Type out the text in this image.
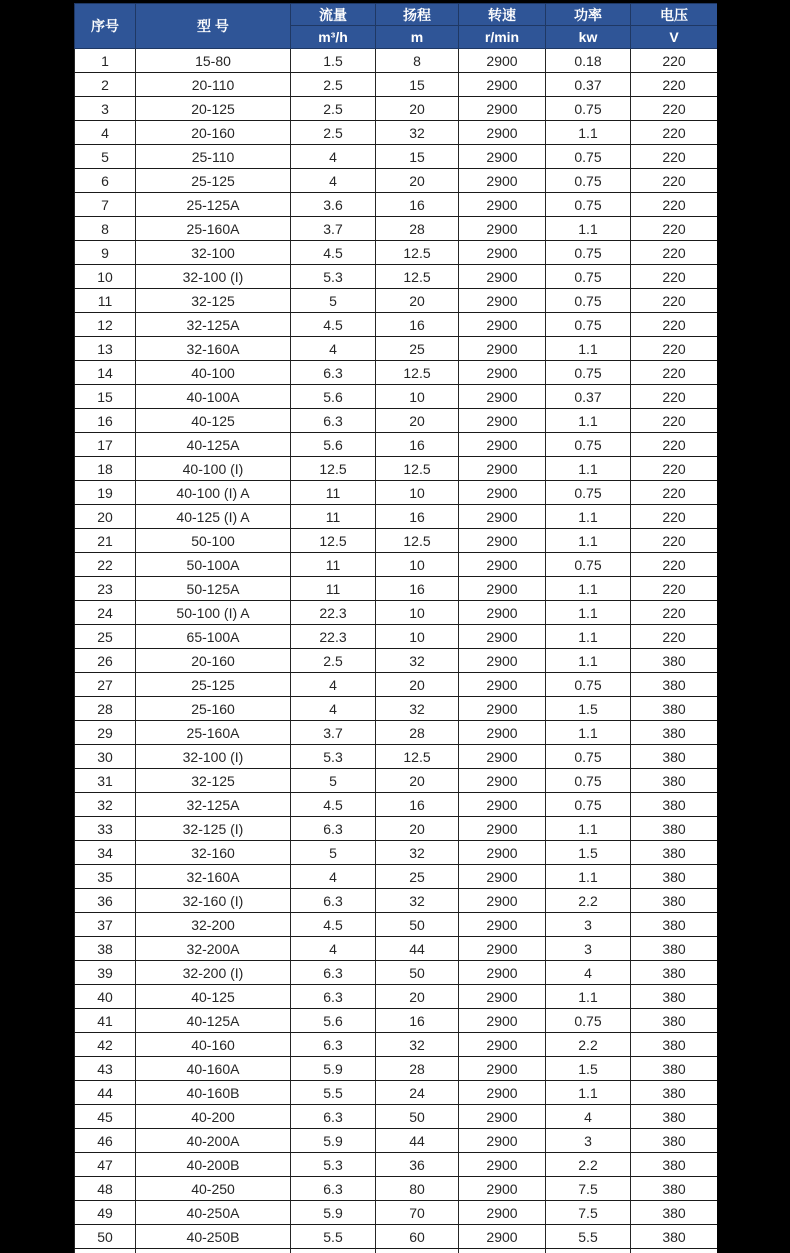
序号	型 号	流量	扬程	转速	功率	电压
		m³/h	m	r/min	kw	V
1	15-80	1.5	8	2900	0.18	220
2	20-110	2.5	15	2900	0.37	220
3	20-125	2.5	20	2900	0.75	220
4	20-160	2.5	32	2900	1.1	220
5	25-110	4	15	2900	0.75	220
6	25-125	4	20	2900	0.75	220
7	25-125A	3.6	16	2900	0.75	220
8	25-160A	3.7	28	2900	1.1	220
9	32-100	4.5	12.5	2900	0.75	220
10	32-100 (I)	5.3	12.5	2900	0.75	220
11	32-125	5	20	2900	0.75	220
12	32-125A	4.5	16	2900	0.75	220
13	32-160A	4	25	2900	1.1	220
14	40-100	6.3	12.5	2900	0.75	220
15	40-100A	5.6	10	2900	0.37	220
16	40-125	6.3	20	2900	1.1	220
17	40-125A	5.6	16	2900	0.75	220
18	40-100 (I)	12.5	12.5	2900	1.1	220
19	40-100 (I) A	11	10	2900	0.75	220
20	40-125 (I) A	11	16	2900	1.1	220
21	50-100	12.5	12.5	2900	1.1	220
22	50-100A	11	10	2900	0.75	220
23	50-125A	11	16	2900	1.1	220
24	50-100 (I) A	22.3	10	2900	1.1	220
25	65-100A	22.3	10	2900	1.1	220
26	20-160	2.5	32	2900	1.1	380
27	25-125	4	20	2900	0.75	380
28	25-160	4	32	2900	1.5	380
29	25-160A	3.7	28	2900	1.1	380
30	32-100 (I)	5.3	12.5	2900	0.75	380
31	32-125	5	20	2900	0.75	380
32	32-125A	4.5	16	2900	0.75	380
33	32-125 (I)	6.3	20	2900	1.1	380
34	32-160	5	32	2900	1.5	380
35	32-160A	4	25	2900	1.1	380
36	32-160 (I)	6.3	32	2900	2.2	380
37	32-200	4.5	50	2900	3	380
38	32-200A	4	44	2900	3	380
39	32-200 (I)	6.3	50	2900	4	380
40	40-125	6.3	20	2900	1.1	380
41	40-125A	5.6	16	2900	0.75	380
42	40-160	6.3	32	2900	2.2	380
43	40-160A	5.9	28	2900	1.5	380
44	40-160B	5.5	24	2900	1.1	380
45	40-200	6.3	50	2900	4	380
46	40-200A	5.9	44	2900	3	380
47	40-200B	5.3	36	2900	2.2	380
48	40-250	6.3	80	2900	7.5	380
49	40-250A	5.9	70	2900	7.5	380
50	40-250B	5.5	60	2900	5.5	380
